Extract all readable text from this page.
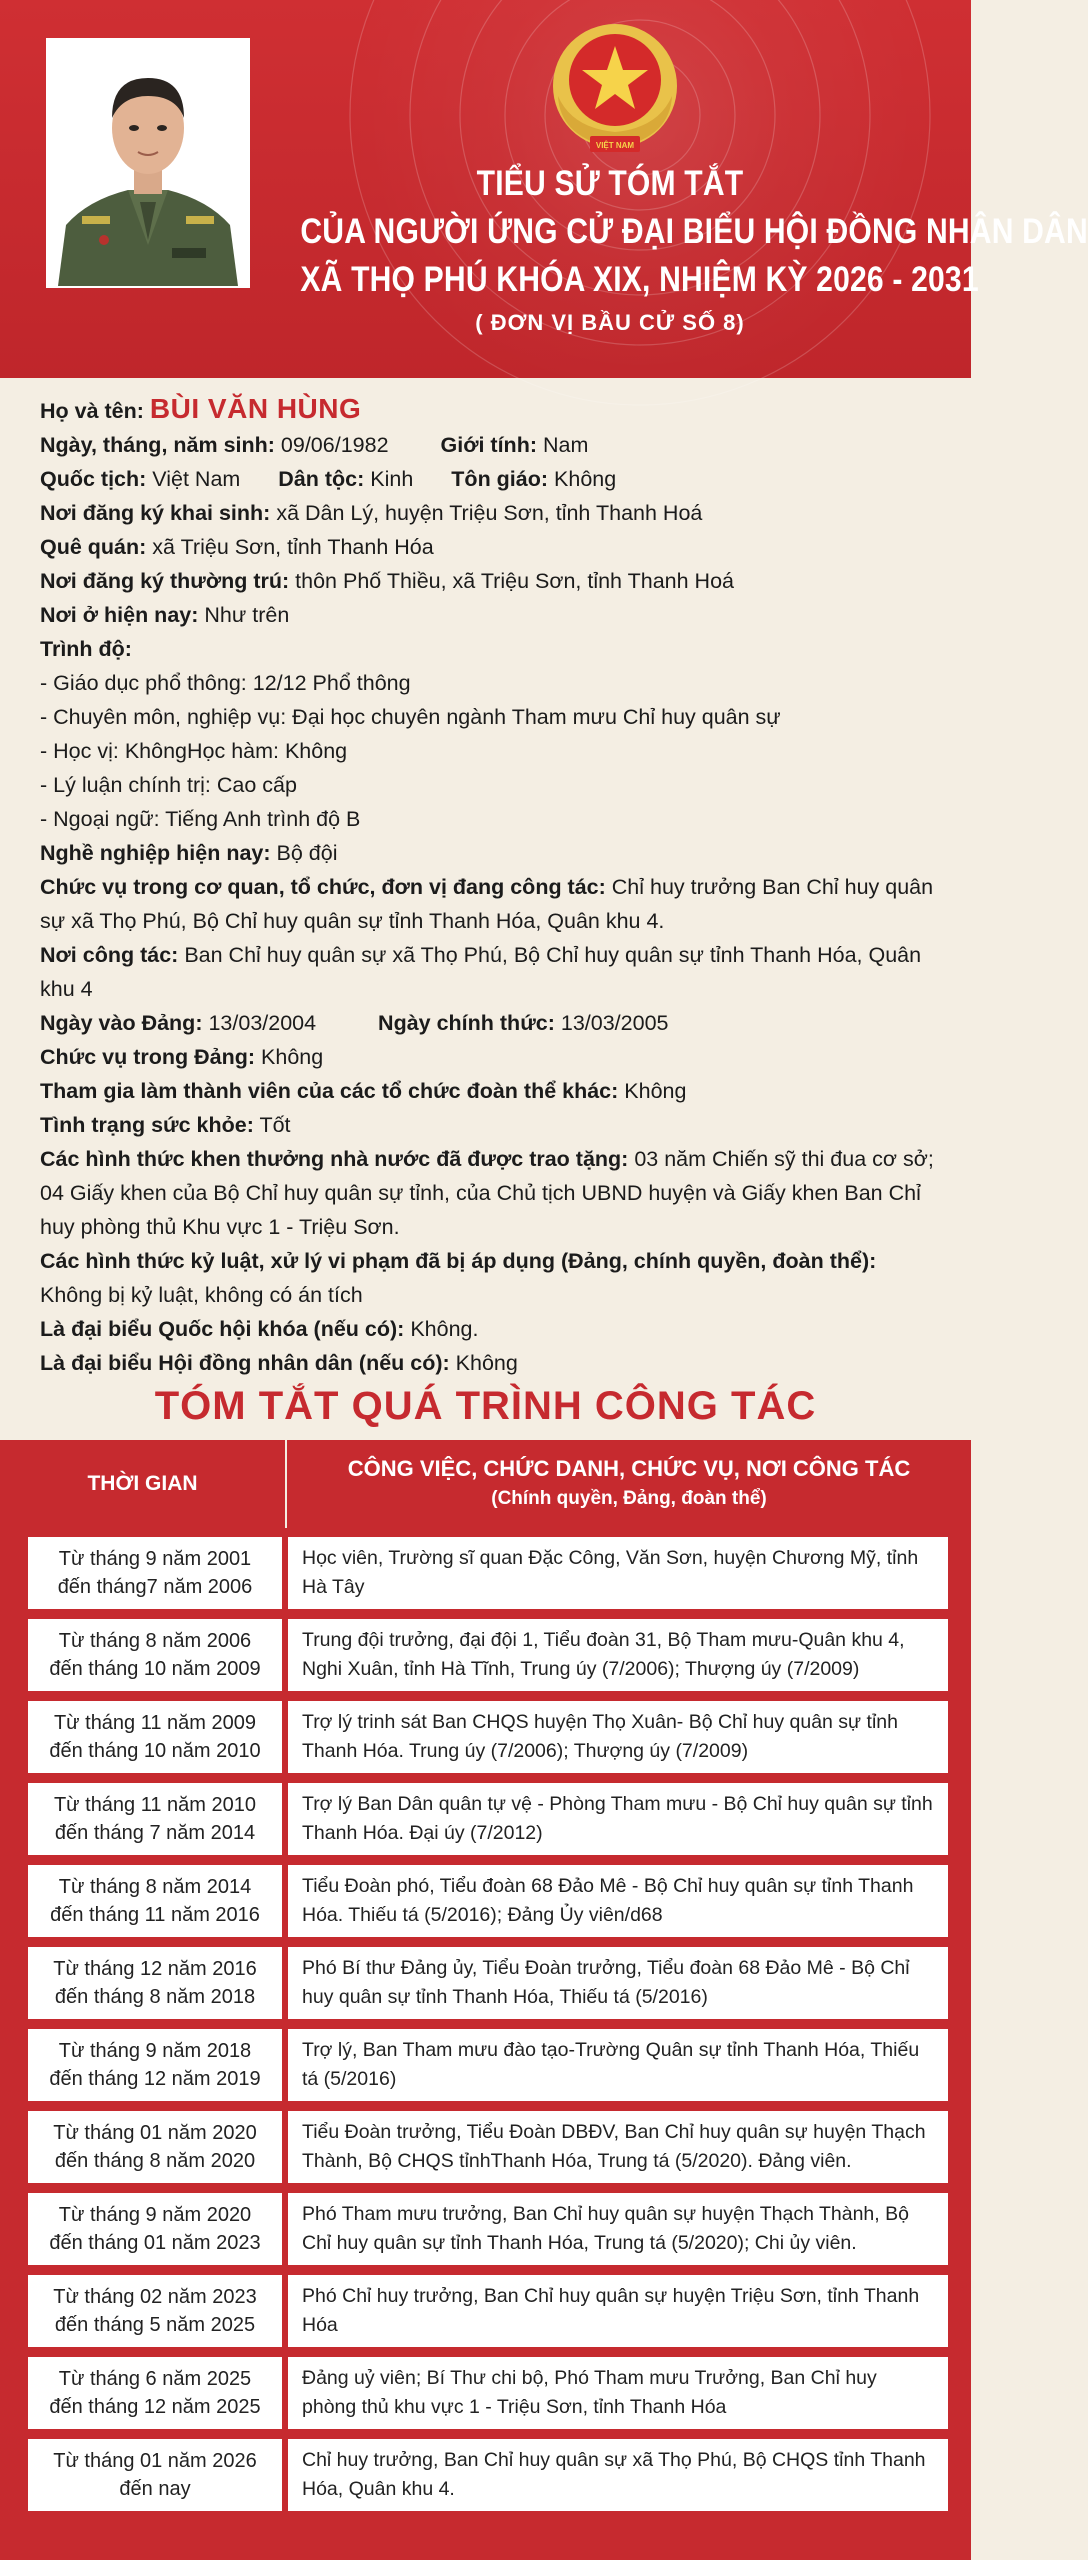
VIỆT NAM
TIỂU SỬ TÓM TẮT
CỦA NGƯỜI ỨNG CỬ ĐẠI BIỂU HỘI ĐỒNG NHÂN DÂN
XÃ THỌ PHÚ KHÓA XIX, NHIỆM KỲ 2026 - 2031
( ĐƠN VỊ BẦU CỬ SỐ 8)
Họ và tên: BÙI VĂN HÙNG
Ngày, tháng, năm sinh: 09/06/1982 Giới tính: Nam
Quốc tịch: Việt Nam Dân tộc: Kinh Tôn giáo: Không
Nơi đăng ký khai sinh: xã Dân Lý, huyện Triệu Sơn, tỉnh Thanh Hoá
Quê quán: xã Triệu Sơn, tỉnh Thanh Hóa
Nơi đăng ký thường trú: thôn Phố Thiều, xã Triệu Sơn, tỉnh Thanh Hoá
Nơi ở hiện nay: Như trên
Trình độ:
- Giáo dục phổ thông: 12/12 Phổ thông
- Chuyên môn, nghiệp vụ: Đại học chuyên ngành Tham mưu Chỉ huy quân sự
- Học vị: KhôngHọc hàm: Không
- Lý luận chính trị: Cao cấp
- Ngoại ngữ: Tiếng Anh trình độ B
Nghề nghiệp hiện nay: Bộ đội
Chức vụ trong cơ quan, tổ chức, đơn vị đang công tác: Chỉ huy trưởng Ban Chỉ huy quân sự xã Thọ Phú, Bộ Chỉ huy quân sự tỉnh Thanh Hóa, Quân khu 4.
Nơi công tác: Ban Chỉ huy quân sự xã Thọ Phú, Bộ Chỉ huy quân sự tỉnh Thanh Hóa, Quân khu 4
Ngày vào Đảng: 13/03/2004	Ngày chính thức: 13/03/2005
Chức vụ trong Đảng: Không
Tham gia làm thành viên của các tổ chức đoàn thể khác: Không
Tình trạng sức khỏe: Tốt
Các hình thức khen thưởng nhà nước đã được trao tặng: 03 năm Chiến sỹ thi đua cơ sở; 04 Giấy khen của Bộ Chỉ huy quân sự tỉnh, của Chủ tịch UBND huyện và Giấy khen Ban Chỉ huy phòng thủ Khu vực 1 - Triệu Sơn.
Các hình thức kỷ luật, xử lý vi phạm đã bị áp dụng (Đảng, chính quyền, đoàn thể): Không bị kỷ luật, không có án tích
Là đại biểu Quốc hội khóa (nếu có): Không.
Là đại biểu Hội đồng nhân dân (nếu có): Không
TÓM TẮT QUÁ TRÌNH CÔNG TÁC
THỜI GIAN
CÔNG VIỆC, CHỨC DANH, CHỨC VỤ, NƠI CÔNG TÁC
(Chính quyền, Đảng, đoàn thể)
Từ tháng 9 năm 2001
đến tháng7 năm 2006
Học viên, Trường sĩ quan Đặc Công, Văn Sơn, huyện Chương Mỹ, tỉnh Hà Tây
Từ tháng 8 năm 2006
đến tháng 10 năm 2009
Trung đội trưởng, đại đội 1, Tiểu đoàn 31, Bộ Tham mưu-Quân khu 4, Nghi Xuân, tỉnh Hà Tĩnh, Trung úy (7/2006); Thượng úy (7/2009)
Từ tháng 11 năm 2009
đến tháng 10 năm 2010
Trợ lý trinh sát Ban CHQS huyện Thọ Xuân- Bộ Chỉ huy quân sự tỉnh Thanh Hóa. Trung úy (7/2006); Thượng úy (7/2009)
Từ tháng 11 năm 2010
đến tháng 7 năm 2014
Trợ lý Ban Dân quân tự vệ - Phòng Tham mưu - Bộ Chỉ huy quân sự tỉnh Thanh Hóa. Đại úy (7/2012)
Từ tháng 8 năm 2014
đến tháng 11 năm 2016
Tiểu Đoàn phó, Tiểu đoàn 68 Đảo Mê - Bộ Chỉ huy quân sự tỉnh Thanh Hóa. Thiếu tá (5/2016); Đảng Ủy viên/d68
Từ tháng 12 năm 2016
đến tháng 8 năm 2018
Phó Bí thư Đảng ủy, Tiểu Đoàn trưởng, Tiểu đoàn 68 Đảo Mê - Bộ Chỉ huy quân sự tỉnh Thanh Hóa, Thiếu tá (5/2016)
Từ tháng 9 năm 2018
đến tháng 12 năm 2019
Trợ lý, Ban Tham mưu đào tạo-Trường Quân sự tỉnh Thanh Hóa, Thiếu tá (5/2016)
Từ tháng 01 năm 2020
đến tháng 8 năm 2020
Tiểu Đoàn trưởng, Tiểu Đoàn DBĐV, Ban Chỉ huy quân sự huyện Thạch Thành, Bộ CHQS tỉnhThanh Hóa, Trung tá (5/2020). Đảng viên.
Từ tháng 9 năm 2020
đến tháng 01 năm 2023
Phó Tham mưu trưởng, Ban Chỉ huy quân sự huyện Thạch Thành, Bộ Chỉ huy quân sự tỉnh Thanh Hóa, Trung tá (5/2020); Chi ủy viên.
Từ tháng 02 năm 2023
đến tháng 5 năm 2025
Phó Chỉ huy trưởng, Ban Chỉ huy quân sự huyện Triệu Sơn, tỉnh Thanh Hóa
Từ tháng 6 năm 2025
đến tháng 12 năm 2025
Đảng uỷ viên; Bí Thư chi bộ, Phó Tham mưu Trưởng, Ban Chỉ huy phòng thủ khu vực 1 - Triệu Sơn, tỉnh Thanh Hóa
Từ tháng 01 năm 2026
đến nay
Chỉ huy trưởng, Ban Chỉ huy quân sự xã Thọ Phú, Bộ CHQS tỉnh Thanh Hóa, Quân khu 4.
